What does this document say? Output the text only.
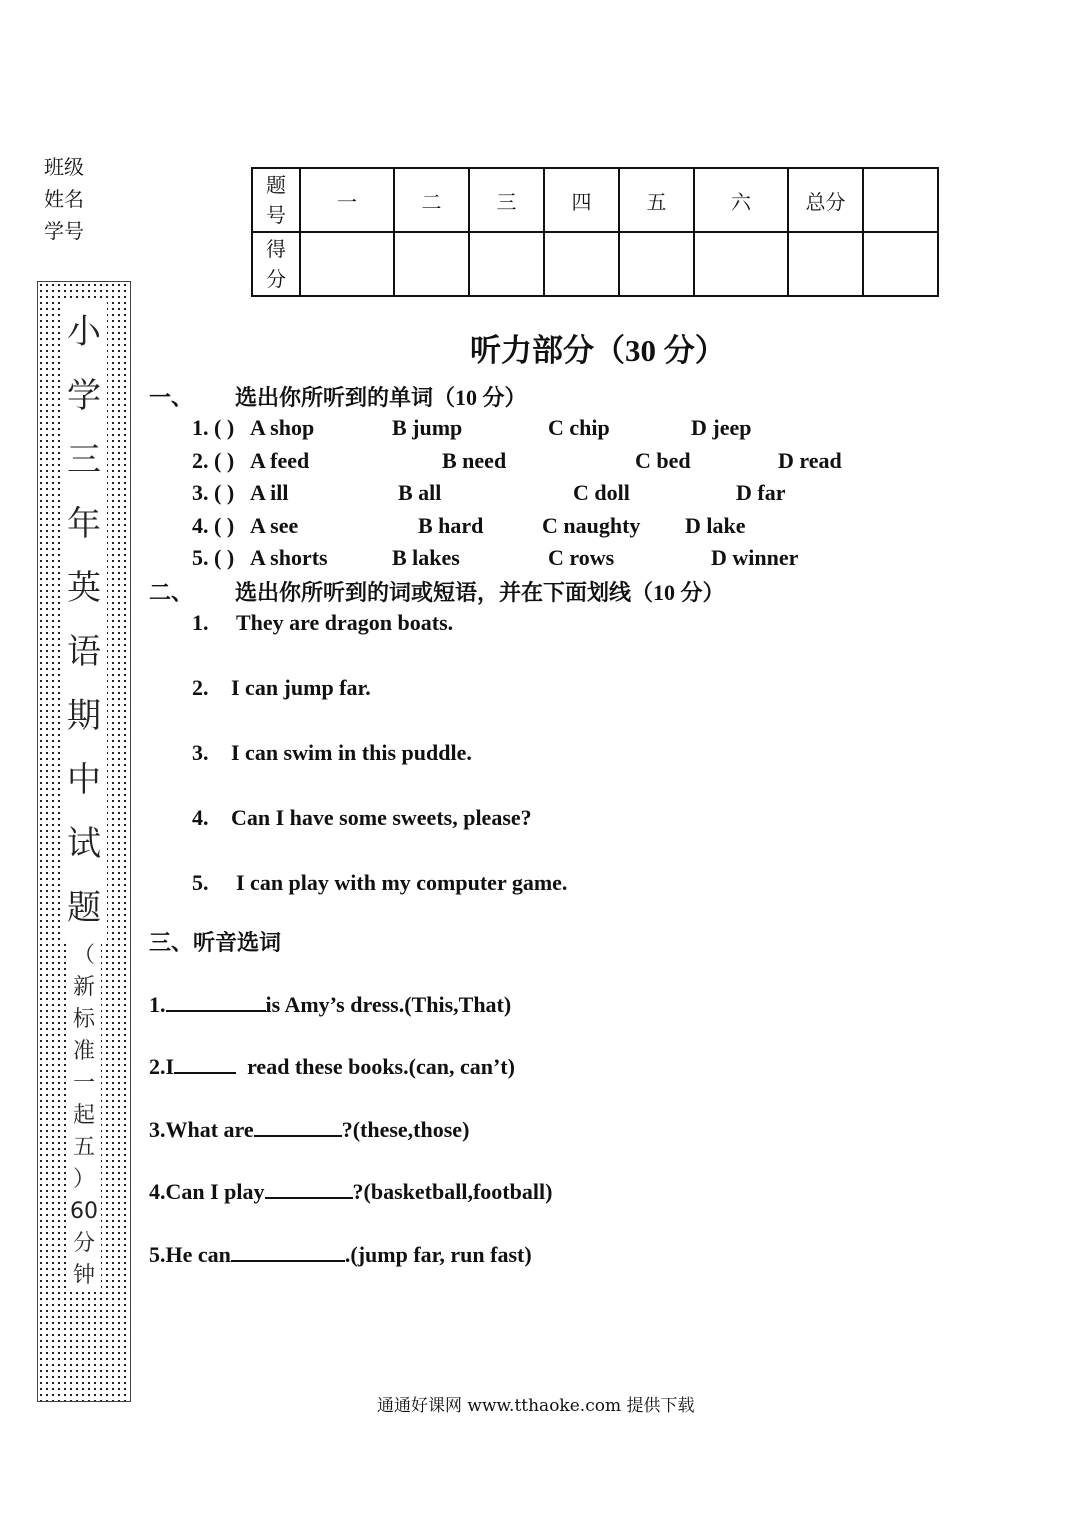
班级
姓名
学号
小
学
三
年
英
语
期
中
试
题
（
新
标
准
一
起
五
）
60
分
钟
题
号	一	二	三	四	五	六	总分	

得
分								

听力部分（30 分）
一、 选出你所听到的单词（10 分）
1. ( ) A shop	B jump	C chip	D jeep
2. ( ) A feed	B need	C bed	D read
3. ( ) A ill	B all	C doll	D far
4. ( ) A see	B hard	C naughty D lake
5. ( ) A shorts	B lakes	C rows	D winner
二、 选出你所听到的词或短语，并在下面划线（10 分）
1. They are dragon boats.
2. I can jump far.
3. I can swim in this puddle.
4. Can I have some sweets, please?
5. I can play with my computer game.
三、听音选词
1.	is Amy’s dress.(This,That)
2.I	read these books.(can, can’t)
3.What are	?(these,those)
4.Can I play	?(basketball,football)
5.He can	.(jump far, run fast)
通通好课网 www.tthaoke.com 提供下载
